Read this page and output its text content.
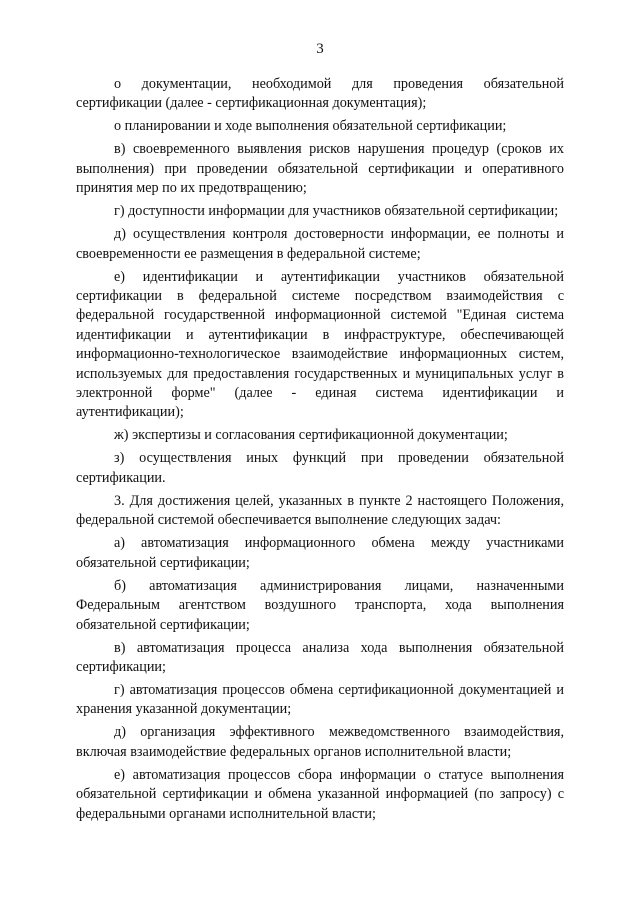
3

о документации, необходимой для проведения обязательной сертификации (далее - сертификационная документация);

о планировании и ходе выполнения обязательной сертификации;

в) своевременного выявления рисков нарушения процедур (сроков их выполнения) при проведении обязательной сертификации и оперативного принятия мер по их предотвращению;

г) доступности информации для участников обязательной сертификации;

д) осуществления контроля достоверности информации, ее полноты и своевременности ее размещения в федеральной системе;

е) идентификации и аутентификации участников обязательной сертификации в федеральной системе посредством взаимодействия с федеральной государственной информационной системой "Единая система идентификации и аутентификации в инфраструктуре, обеспечивающей информационно-технологическое взаимодействие информационных систем, используемых для предоставления государственных и муниципальных услуг в электронной форме" (далее - единая система идентификации и аутентификации);

ж) экспертизы и согласования сертификационной документации;

з) осуществления иных функций при проведении обязательной сертификации.

3. Для достижения целей, указанных в пункте 2 настоящего Положения, федеральной системой обеспечивается выполнение следующих задач:

а) автоматизация информационного обмена между участниками обязательной сертификации;

б) автоматизация администрирования лицами, назначенными Федеральным агентством воздушного транспорта, хода выполнения обязательной сертификации;

в) автоматизация процесса анализа хода выполнения обязательной сертификации;

г) автоматизация процессов обмена сертификационной документацией и хранения указанной документации;

д) организация эффективного межведомственного взаимодействия, включая взаимодействие федеральных органов исполнительной власти;

е) автоматизация процессов сбора информации о статусе выполнения обязательной сертификации и обмена указанной информацией (по запросу) с федеральными органами исполнительной власти;
